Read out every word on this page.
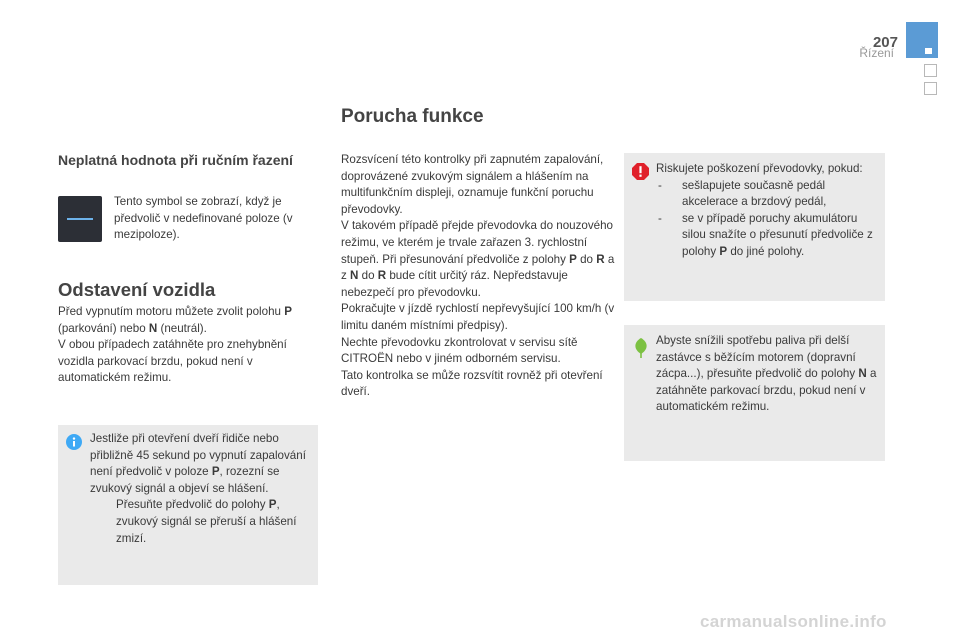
207
Řízení
Porucha funkce
Neplatná hodnota při ručním řazení

Tento symbol se zobrazí, když je předvolič v nedefinované poloze (v mezipoloze).

Odstavení vozidla

Před vypnutím motoru můžete zvolit polohu P
(parkování) nebo N (neutrál).
V obou případech zatáhněte pro znehybnění vozidla parkovací brzdu, pokud není v automatickém režimu.

Jestliže při otevření dveří řidiče nebo přibližně 45 sekund po vypnutí zapalování není předvolič v poloze P, rozezní se zvukový signál a objeví se hlášení.
Přesuňte předvolič do polohy P, zvukový signál se přeruší a hlášení zmizí.

Rozsvícení této kontrolky při zapnutém zapalování, doprovázené zvukovým signálem a hlášením na multifunkčním displeji, oznamuje funkční poruchu převodovky.
V takovém případě přejde převodovka do nouzového režimu, ve kterém je trvale zařazen 3. rychlostní stupeň. Při přesunování předvoliče z polohy P do R a z N do R bude cítit určitý ráz. Nepředstavuje nebezpečí pro převodovku.
Pokračujte v jízdě rychlostí nepřevyšující 100 km/h (v limitu daném místními předpisy).
Nechte převodovku zkontrolovat v servisu sítě CITROËN nebo v jiném odborném servisu.
Tato kontrolka se může rozsvítit rovněž při otevření dveří.

Riskujete poškození převodovky, pokud:
- sešlapujete současně pedál akcelerace a brzdový pedál,
- se v případě poruchy akumulátoru silou snažíte o přesunutí předvoliče z polohy P do jiné polohy.

Abyste snížili spotřebu paliva při delší zastávce s běžícím motorem (dopravní zácpa...), přesuňte předvolič do polohy N a zatáhněte parkovací brzdu, pokud není v automatickém režimu.

carmanualsonline.info
